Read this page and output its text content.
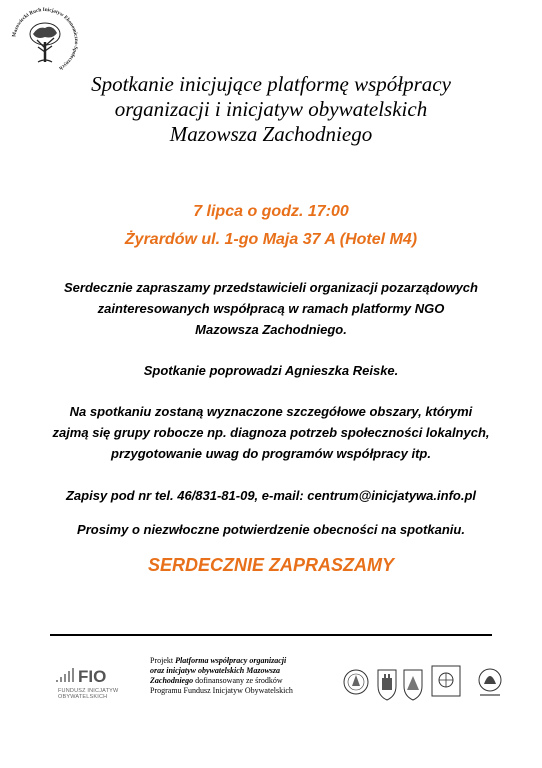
Mazowiecki Ruch Inicjatyw Ekonomiczno-Społecznych
Spotkanie inicjujące platformę współpracy
organizacji i inicjatyw obywatelskich
Mazowsza Zachodniego
7 lipca o godz. 17:00
Żyrardów ul. 1-go Maja 37 A (Hotel M4)
Serdecznie zapraszamy przedstawicieli organizacji pozarządowych
zainteresowanych współpracą w ramach platformy NGO
Mazowsza Zachodniego.
Spotkanie poprowadzi Agnieszka Reiske.
Na spotkaniu zostaną wyznaczone szczegółowe obszary, którymi
zajmą się grupy robocze np. diagnoza potrzeb społeczności lokalnych,
przygotowanie uwag do programów współpracy itp.
Zapisy pod nr tel. 46/831-81-09, e-mail: centrum@inicjatywa.info.pl
Prosimy o niezwłoczne potwierdzenie obecności na spotkaniu.
SERDECZNIE ZAPRASZAMY
FIO
FUNDUSZ INICJATYW
OBYWATELSKICH
Projekt Platforma współpracy organizacji
oraz inicjatyw obywatelskich Mazowsza
Zachodniego dofinansowany ze środków
Programu Fundusz Inicjatyw Obywatelskich
